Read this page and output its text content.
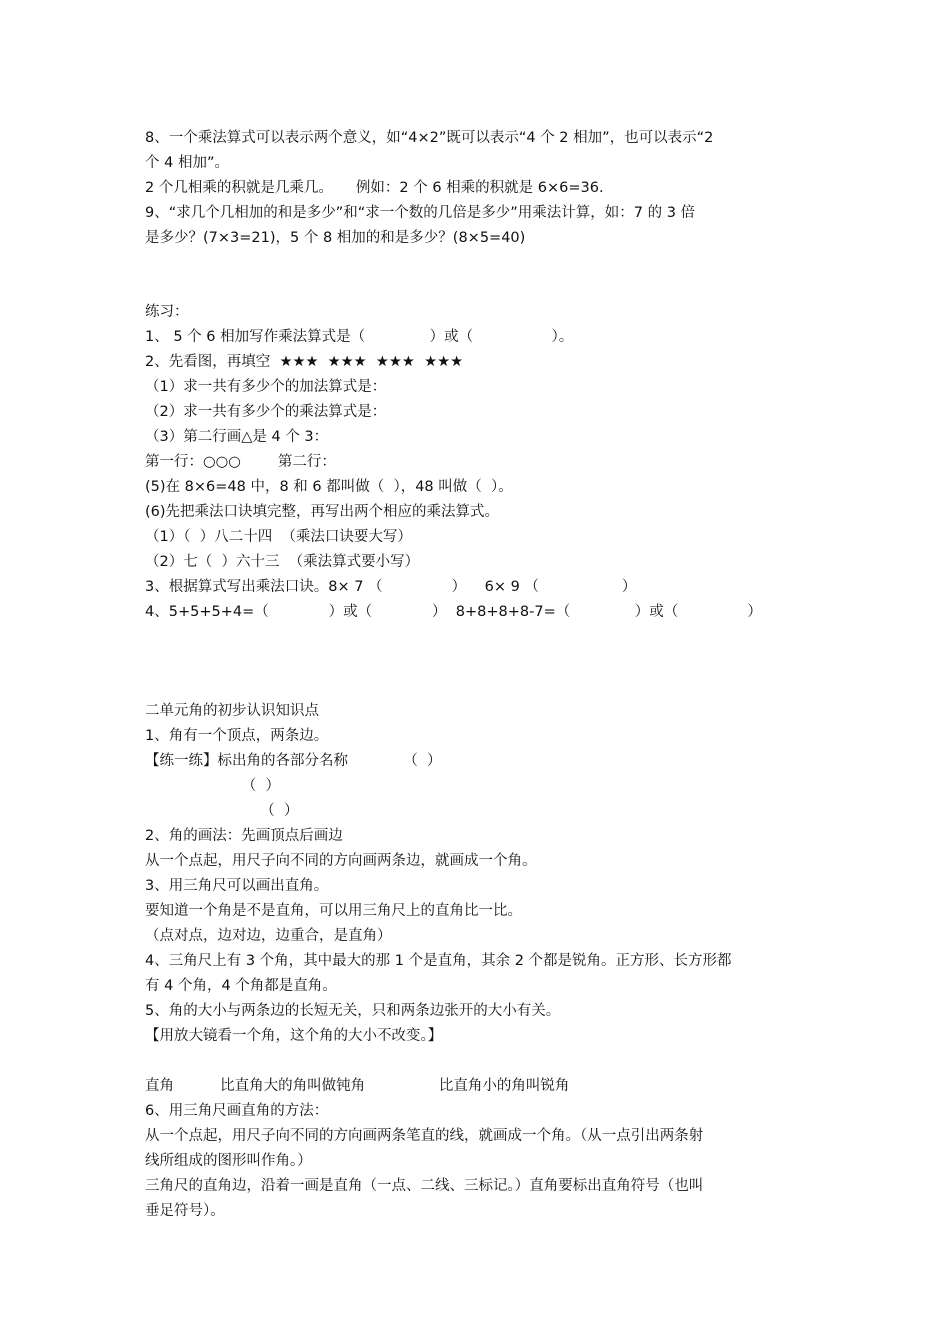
8、一个乘法算式可以表示两个意义，如“4×2”既可以表示“4 个 2 相加”，也可以表示“2
个 4 相加”。
2 个几相乘的积就是几乘几。     例如：2 个 6 相乘的积就是 6×6=36.
9、“求几个几相加的和是多少”和“求一个数的几倍是多少”用乘法计算，如：7 的 3 倍
是多少？(7×3=21)，5 个 8 相加的和是多少？(8×5=40)
练习：
1、 5 个 6 相加写作乘法算式是（              ）或（                 ）。
2、先看图，再填空  ★★★  ★★★  ★★★  ★★★
（1）求一共有多少个的加法算式是：
（2）求一共有多少个的乘法算式是：
（3）第二行画△是 4 个 3：
第一行：○○○        第二行：
(5)在 8×6=48 中，8 和 6 都叫做（  ），48 叫做（  ）。
(6)先把乘法口诀填完整，再写出两个相应的乘法算式。
（1）（  ）八二十四  （乘法口诀要大写）
（2）七（  ）六十三  （乘法算式要小写）
3、根据算式写出乘法口诀。8× 7 （               ）    6× 9 （                  ）
4、5+5+5+4=（             ）或（             ）  8+8+8+8-7=（              ）或（               ）
二单元角的初步认识知识点
1、角有一个顶点，两条边。
【练一练】标出角的各部分名称            （  ）
（  ）
（  ）
2、角的画法：先画顶点后画边
从一个点起，用尺子向不同的方向画两条边，就画成一个角。
3、用三角尺可以画出直角。
要知道一个角是不是直角，可以用三角尺上的直角比一比。
（点对点，边对边，边重合，是直角）
4、三角尺上有 3 个角，其中最大的那 1 个是直角，其余 2 个都是锐角。正方形、长方形都
有 4 个角，4 个角都是直角。
5、角的大小与两条边的长短无关，只和两条边张开的大小有关。
【用放大镜看一个角，这个角的大小不改变。】
直角          比直角大的角叫做钝角                比直角小的角叫锐角
6、用三角尺画直角的方法：
从一个点起，用尺子向不同的方向画两条笔直的线，就画成一个角。（从一点引出两条射
线所组成的图形叫作角。）
三角尺的直角边，沿着一画是直角（一点、二线、三标记。）直角要标出直角符号（也叫
垂足符号）。
